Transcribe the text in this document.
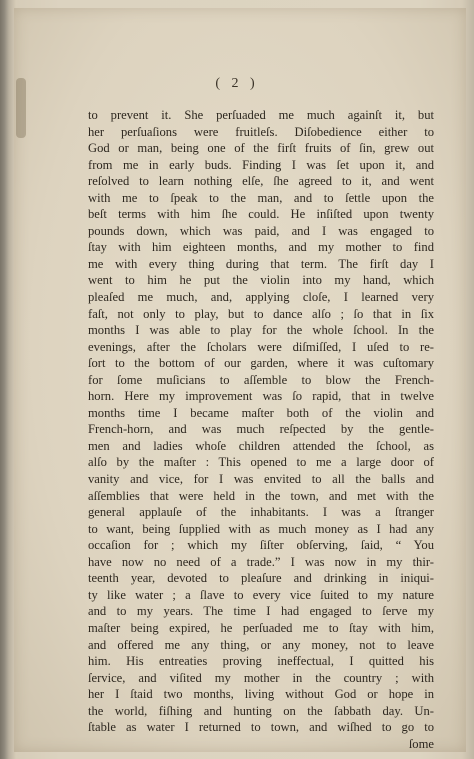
( 2 )
to prevent it. She perſuaded me much againſt it, but
her perſuaſions were fruitleſs. Diſobedience either to
God or man, being one of the firſt fruits of ſin, grew out
from me in early buds. Finding I was ſet upon it, and
reſolved to learn nothing elſe, ſhe agreed to it, and went
with me to ſpeak to the man, and to ſettle upon the
beſt terms with him ſhe could. He inſiſted upon twenty
pounds down, which was paid, and I was engaged to
ſtay with him eighteen months, and my mother to find
me with every thing during that term. The firſt day I
went to him he put the violin into my hand, which
pleaſed me much, and, applying cloſe, I learned very
faſt, not only to play, but to dance alſo ; ſo that in ſix
months I was able to play for the whole ſchool. In the
evenings, after the ſcholars were diſmiſſed, I uſed to re-
ſort to the bottom of our garden, where it was cuſtomary
for ſome muſicians to aſſemble to blow the French-
horn. Here my improvement was ſo rapid, that in twelve
months time I became maſter both of the violin and
French-horn, and was much reſpected by the gentle-
men and ladies whoſe children attended the ſchool, as
alſo by the maſter : This opened to me a large door of
vanity and vice, for I was envited to all the balls and
aſſemblies that were held in the town, and met with the
general applauſe of the inhabitants. I was a ſtranger
to want, being ſupplied with as much money as I had any
occaſion for ; which my ſiſter obſerving, ſaid, “ You
have now no need of a trade.” I was now in my thir-
teenth year, devoted to pleaſure and drinking in iniqui-
ty like water ; a ſlave to every vice ſuited to my nature
and to my years. The time I had engaged to ſerve my
maſter being expired, he perſuaded me to ſtay with him,
and offered me any thing, or any money, not to leave
him. His entreaties proving ineffectual, I quitted his
ſervice, and viſited my mother in the country ; with
her I ſtaid two months, living without God or hope in
the world, fiſhing and hunting on the ſabbath day. Un-
ſtable as water I returned to town, and wiſhed to go to
ſome
